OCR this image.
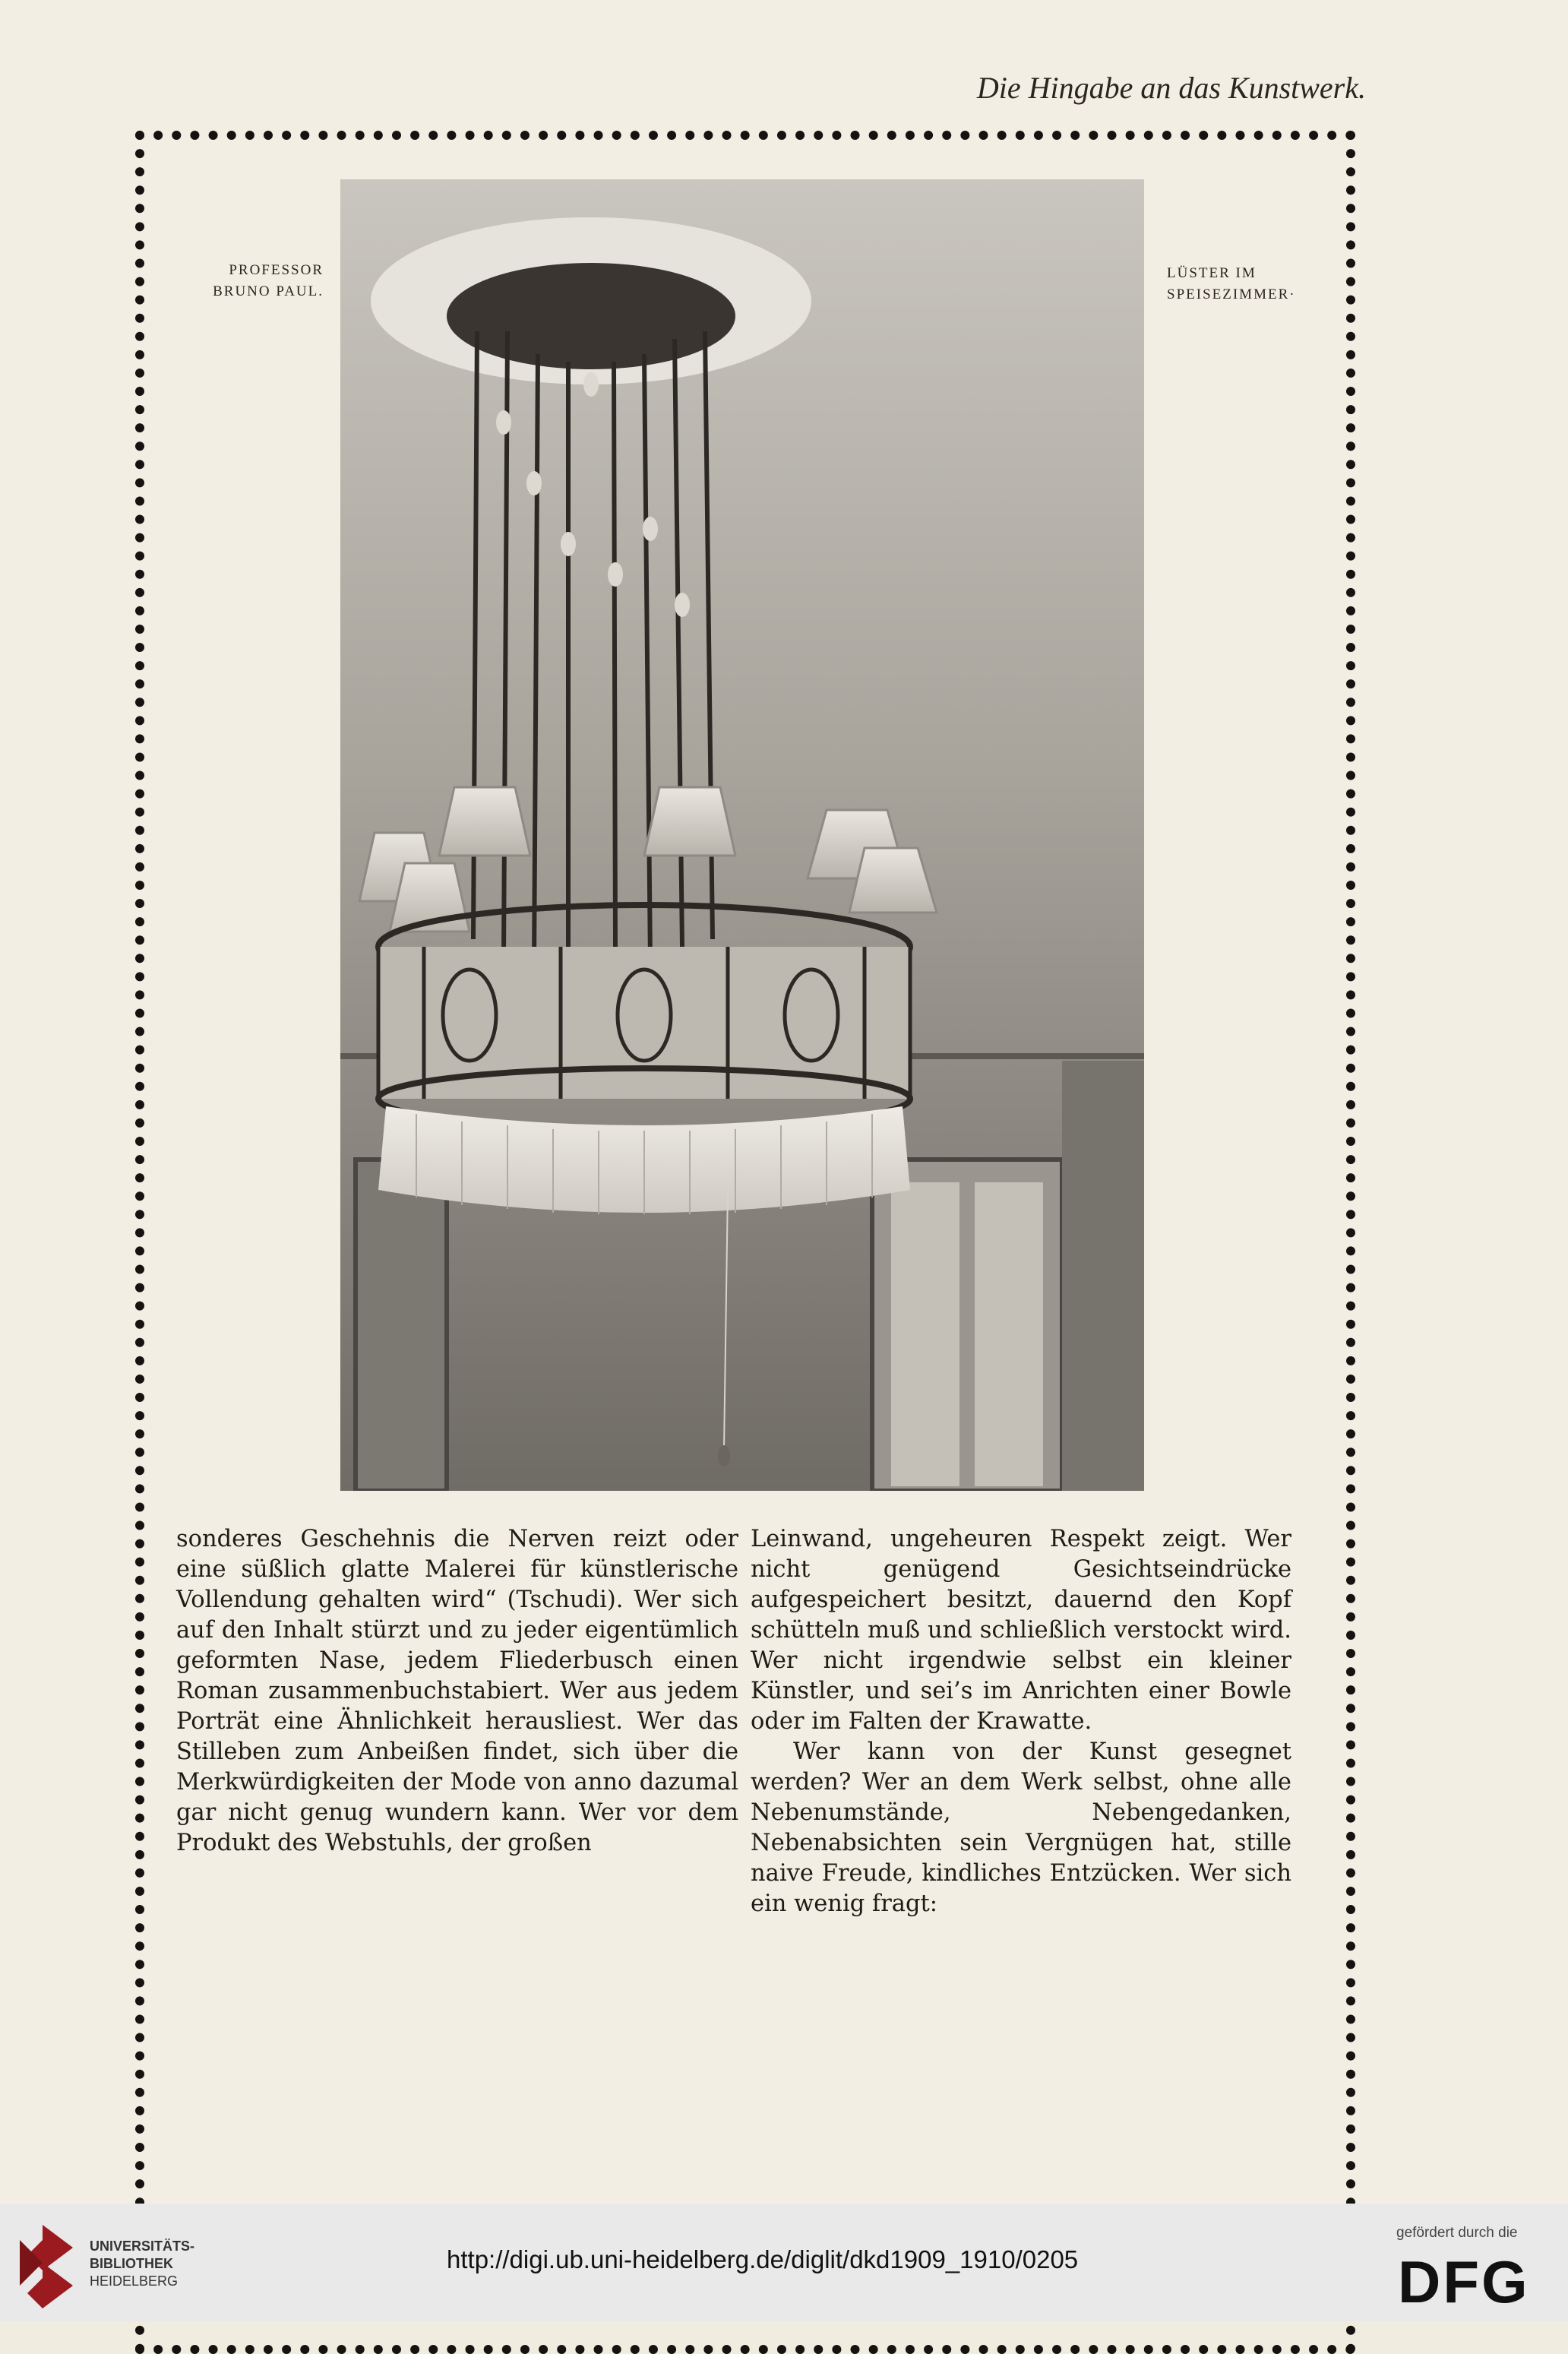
Die Hingabe an das Kunstwerk.
PROFESSOR
BRUNO PAUL.
LÜSTER IM
SPEISEZIMMER·

sonderes Geschehnis die Nerven reizt oder eine süßlich glatte Malerei für künstlerische Vollendung gehalten wird“ (Tschudi). Wer sich auf den Inhalt stürzt und zu jeder eigentümlich geformten Nase, jedem Fliederbusch einen Roman zusammenbuchstabiert. Wer aus jedem Porträt eine Ähnlichkeit herausliest. Wer das Stilleben zum Anbeißen findet, sich über die Merkwürdigkeiten der Mode von anno dazumal gar nicht genug wundern kann. Wer vor dem Produkt des Webstuhls, der großen

Leinwand, ungeheuren Respekt zeigt. Wer nicht genügend Gesichtseindrücke aufgespeichert besitzt, dauernd den Kopf schütteln muß und schließlich verstockt wird. Wer nicht irgendwie selbst ein kleiner Künstler, und sei’s im Anrichten einer Bowle oder im Falten der Krawatte.

Wer kann von der Kunst gesegnet werden? Wer an dem Werk selbst, ohne alle Nebenumstände, Nebengedanken, Nebenabsichten sein Vergnügen hat, stille naive Freude, kindliches Entzücken. Wer sich ein wenig fragt:

UNIVERSITÄTS-
BIBLIOTHEK
HEIDELBERG
http://digi.ub.uni-heidelberg.de/diglit/dkd1909_1910/0205
gefördert durch die
DFG
